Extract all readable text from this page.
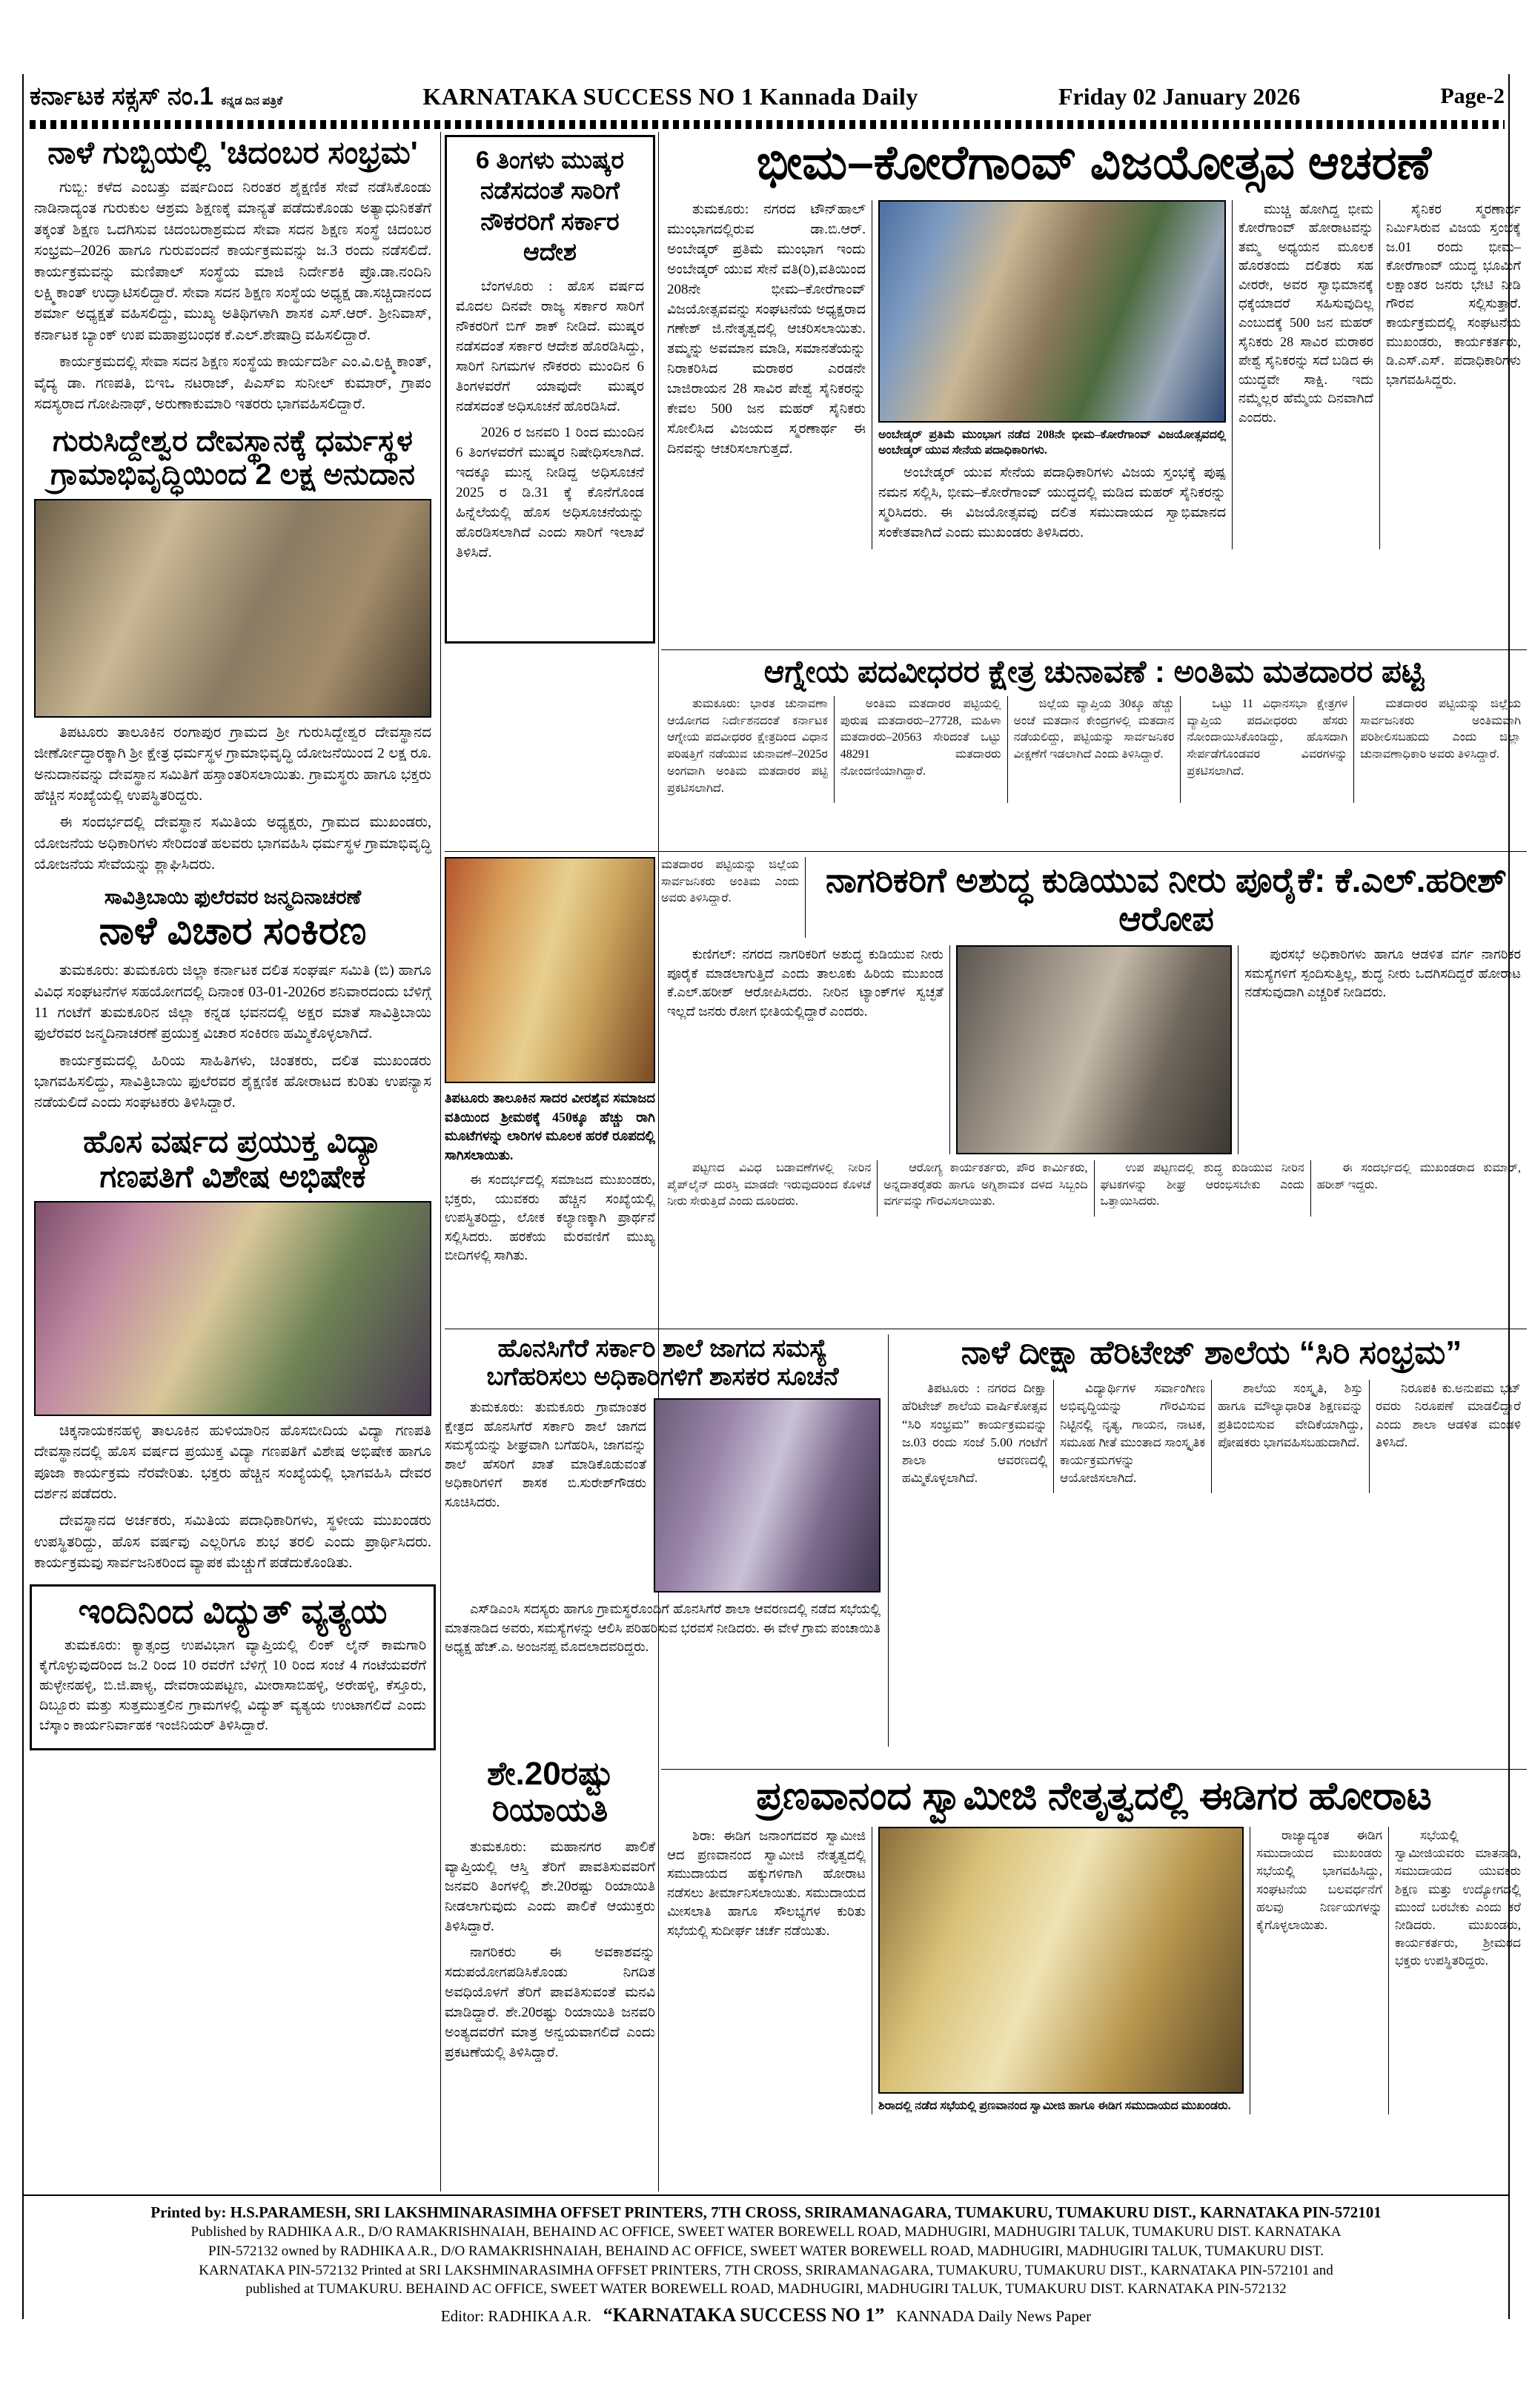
ಕರ್ನಾಟಕ ಸಕ್ಸಸ್ ನಂ.1 ಕನ್ನಡ ದಿನ ಪತ್ರಿಕೆ	KARNATAKA SUCCESS NO 1 Kannada Daily	Friday 02 January 2026	Page-2
ನಾಳೆ ಗುಬ್ಬಿಯಲ್ಲಿ 'ಚಿದಂಬರ ಸಂಭ್ರಮ'

ಗುಬ್ಬಿ: ಕಳೆದ ಎಂಬತ್ತು ವರ್ಷದಿಂದ ನಿರಂತರ ಶೈಕ್ಷಣಿಕ ಸೇವೆ ನಡೆಸಿಕೊಂಡು ನಾಡಿನಾದ್ಯಂತ ಗುರುಕುಲ ಆಶ್ರಮ ಶಿಕ್ಷಣಕ್ಕೆ ಮಾನ್ಯತೆ ಪಡೆದುಕೊಂಡು ಅತ್ಯಾಧುನಿಕತೆಗೆ ತಕ್ಕಂತೆ ಶಿಕ್ಷಣ ಒದಗಿಸುವ ಚಿದಂಬರಾಶ್ರಮದ ಸೇವಾ ಸದನ ಶಿಕ್ಷಣ ಸಂಸ್ಥೆ ಚಿದಂಬರ ಸಂಭ್ರಮ–2026 ಹಾಗೂ ಗುರುವಂದನೆ ಕಾರ್ಯಕ್ರಮವನ್ನು ಜ.3 ರಂದು ನಡೆಸಲಿದೆ. ಕಾರ್ಯಕ್ರಮವನ್ನು ಮಣಿಪಾಲ್ ಸಂಸ್ಥೆಯ ಮಾಜಿ ನಿರ್ದೇಶಕಿ ಪ್ರೊ.ಡಾ.ನಂದಿನಿ ಲಕ್ಷ್ಮಿಕಾಂತ್ ಉದ್ಘಾಟಿಸಲಿದ್ದಾರೆ. ಸೇವಾ ಸದನ ಶಿಕ್ಷಣ ಸಂಸ್ಥೆಯ ಅಧ್ಯಕ್ಷ ಡಾ.ಸಚ್ಚಿದಾನಂದ ಶರ್ಮಾ ಅಧ್ಯಕ್ಷತೆ ವಹಿಸಲಿದ್ದು, ಮುಖ್ಯ ಅತಿಥಿಗಳಾಗಿ ಶಾಸಕ ಎಸ್.ಆರ್. ಶ್ರೀನಿವಾಸ್, ಕರ್ನಾಟಕ ಬ್ಯಾಂಕ್ ಉಪ ಮಹಾಪ್ರಬಂಧಕ ಕೆ.ಎಲ್.ಶೇಷಾದ್ರಿ ವಹಿಸಲಿದ್ದಾರೆ.

ಕಾರ್ಯಕ್ರಮದಲ್ಲಿ ಸೇವಾ ಸದನ ಶಿಕ್ಷಣ ಸಂಸ್ಥೆಯ ಕಾರ್ಯದರ್ಶಿ ಎಂ.ವಿ.ಲಕ್ಷ್ಮಿಕಾಂತ್, ವೈದ್ಯ ಡಾ. ಗಣಪತಿ, ಬಿಇಒ ನಟರಾಜ್, ಪಿಎಸ್‌ಐ ಸುನೀಲ್ ಕುಮಾರ್, ಗ್ರಾಪಂ ಸದಸ್ಯರಾದ ಗೋಪಿನಾಥ್, ಅರುಣಾಕುಮಾರಿ ಇತರರು ಭಾಗವಹಿಸಲಿದ್ದಾರೆ.

ಗುರುಸಿದ್ದೇಶ್ವರ ದೇವಸ್ಥಾನಕ್ಕೆ ಧರ್ಮಸ್ಥಳ ಗ್ರಾಮಾಭಿವೃದ್ಧಿಯಿಂದ 2 ಲಕ್ಷ ಅನುದಾನ

ತಿಪಟೂರು ತಾಲೂಕಿನ ರಂಗಾಪುರ ಗ್ರಾಮದ ಶ್ರೀ ಗುರುಸಿದ್ದೇಶ್ವರ ದೇವಸ್ಥಾನದ ಜೀರ್ಣೋದ್ಧಾರಕ್ಕಾಗಿ ಶ್ರೀ ಕ್ಷೇತ್ರ ಧರ್ಮಸ್ಥಳ ಗ್ರಾಮಾಭಿವೃದ್ಧಿ ಯೋಜನೆಯಿಂದ 2 ಲಕ್ಷ ರೂ. ಅನುದಾನವನ್ನು ದೇವಸ್ಥಾನ ಸಮಿತಿಗೆ ಹಸ್ತಾಂತರಿಸಲಾಯಿತು. ಗ್ರಾಮಸ್ಥರು ಹಾಗೂ ಭಕ್ತರು ಹೆಚ್ಚಿನ ಸಂಖ್ಯೆಯಲ್ಲಿ ಉಪಸ್ಥಿತರಿದ್ದರು.

ಈ ಸಂದರ್ಭದಲ್ಲಿ ದೇವಸ್ಥಾನ ಸಮಿತಿಯ ಅಧ್ಯಕ್ಷರು, ಗ್ರಾಮದ ಮುಖಂಡರು, ಯೋಜನೆಯ ಅಧಿಕಾರಿಗಳು ಸೇರಿದಂತೆ ಹಲವರು ಭಾಗವಹಿಸಿ ಧರ್ಮಸ್ಥಳ ಗ್ರಾಮಾಭಿವೃದ್ಧಿ ಯೋಜನೆಯ ಸೇವೆಯನ್ನು ಶ್ಲಾಘಿಸಿದರು.

ಸಾವಿತ್ರಿಬಾಯಿ ಫುಲೆರವರ ಜನ್ಮದಿನಾಚರಣೆ
ನಾಳೆ ವಿಚಾರ ಸಂಕಿರಣ

ತುಮಕೂರು: ತುಮಕೂರು ಜಿಲ್ಲಾ ಕರ್ನಾಟಕ ದಲಿತ ಸಂಘರ್ಷ ಸಮಿತಿ (ಬಿ) ಹಾಗೂ ವಿವಿಧ ಸಂಘಟನೆಗಳ ಸಹಯೋಗದಲ್ಲಿ ದಿನಾಂಕ 03-01-2026ರ ಶನಿವಾರದಂದು ಬೆಳಿಗ್ಗೆ 11 ಗಂಟೆಗೆ ತುಮಕೂರಿನ ಜಿಲ್ಲಾ ಕನ್ನಡ ಭವನದಲ್ಲಿ ಅಕ್ಷರ ಮಾತೆ ಸಾವಿತ್ರಿಬಾಯಿ ಫುಲೆರವರ ಜನ್ಮದಿನಾಚರಣೆ ಪ್ರಯುಕ್ತ ವಿಚಾರ ಸಂಕಿರಣ ಹಮ್ಮಿಕೊಳ್ಳಲಾಗಿದೆ.

ಕಾರ್ಯಕ್ರಮದಲ್ಲಿ ಹಿರಿಯ ಸಾಹಿತಿಗಳು, ಚಿಂತಕರು, ದಲಿತ ಮುಖಂಡರು ಭಾಗವಹಿಸಲಿದ್ದು, ಸಾವಿತ್ರಿಬಾಯಿ ಫುಲೆರವರ ಶೈಕ್ಷಣಿಕ ಹೋರಾಟದ ಕುರಿತು ಉಪನ್ಯಾಸ ನಡೆಯಲಿದೆ ಎಂದು ಸಂಘಟಕರು ತಿಳಿಸಿದ್ದಾರೆ.

ಹೊಸ ವರ್ಷದ ಪ್ರಯುಕ್ತ ವಿದ್ಯಾ ಗಣಪತಿಗೆ ವಿಶೇಷ ಅಭಿಷೇಕ

ಚಿಕ್ಕನಾಯಕನಹಳ್ಳಿ ತಾಲೂಕಿನ ಹುಳಿಯಾರಿನ ಹೊಸಬೀದಿಯ ವಿದ್ಯಾ ಗಣಪತಿ ದೇವಸ್ಥಾನದಲ್ಲಿ ಹೊಸ ವರ್ಷದ ಪ್ರಯುಕ್ತ ವಿದ್ಯಾ ಗಣಪತಿಗೆ ವಿಶೇಷ ಅಭಿಷೇಕ ಹಾಗೂ ಪೂಜಾ ಕಾರ್ಯಕ್ರಮ ನೆರವೇರಿತು. ಭಕ್ತರು ಹೆಚ್ಚಿನ ಸಂಖ್ಯೆಯಲ್ಲಿ ಭಾಗವಹಿಸಿ ದೇವರ ದರ್ಶನ ಪಡೆದರು.

ದೇವಸ್ಥಾನದ ಅರ್ಚಕರು, ಸಮಿತಿಯ ಪದಾಧಿಕಾರಿಗಳು, ಸ್ಥಳೀಯ ಮುಖಂಡರು ಉಪಸ್ಥಿತರಿದ್ದು, ಹೊಸ ವರ್ಷವು ಎಲ್ಲರಿಗೂ ಶುಭ ತರಲಿ ಎಂದು ಪ್ರಾರ್ಥಿಸಿದರು. ಕಾರ್ಯಕ್ರಮವು ಸಾರ್ವಜನಿಕರಿಂದ ವ್ಯಾಪಕ ಮೆಚ್ಚುಗೆ ಪಡೆದುಕೊಂಡಿತು.

ಇಂದಿನಿಂದ ವಿದ್ಯುತ್ ವ್ಯತ್ಯಯ

ತುಮಕೂರು: ಕ್ಯಾತ್ಸಂದ್ರ ಉಪವಿಭಾಗ ವ್ಯಾಪ್ತಿಯಲ್ಲಿ ಲಿಂಕ್ ಲೈನ್ ಕಾಮಗಾರಿ ಕೈಗೊಳ್ಳುವುದರಿಂದ ಜ.2 ರಿಂದ 10 ರವರೆಗೆ ಬೆಳಿಗ್ಗೆ 10 ರಿಂದ ಸಂಜೆ 4 ಗಂಟೆಯವರೆಗೆ ಹುಳ್ಳೇನಹಳ್ಳಿ, ಬಿ.ಜಿ.ಪಾಳ್ಯ, ದೇವರಾಯಪಟ್ಟಣ, ಮೀರಾಸಾಬಿಹಳ್ಳಿ, ಅರೇಹಳ್ಳಿ, ಕೆಸ್ತೂರು, ದಿಬ್ಬೂರು ಮತ್ತು ಸುತ್ತಮುತ್ತಲಿನ ಗ್ರಾಮಗಳಲ್ಲಿ ವಿದ್ಯುತ್ ವ್ಯತ್ಯಯ ಉಂಟಾಗಲಿದೆ ಎಂದು ಬೆಸ್ಕಾಂ ಕಾರ್ಯನಿರ್ವಾಹಕ ಇಂಜಿನಿಯರ್ ತಿಳಿಸಿದ್ದಾರೆ.

6 ತಿಂಗಳು ಮುಷ್ಕರ ನಡೆಸದಂತೆ ಸಾರಿಗೆ ನೌಕರರಿಗೆ ಸರ್ಕಾರ ಆದೇಶ

ಬೆಂಗಳೂರು : ಹೊಸ ವರ್ಷದ ಮೊದಲ ದಿನವೇ ರಾಜ್ಯ ಸರ್ಕಾರ ಸಾರಿಗೆ ನೌಕರರಿಗೆ ಬಿಗ್ ಶಾಕ್ ನೀಡಿದೆ. ಮುಷ್ಕರ ನಡೆಸದಂತೆ ಸರ್ಕಾರ ಆದೇಶ ಹೊರಡಿಸಿದ್ದು, ಸಾರಿಗೆ ನಿಗಮಗಳ ನೌಕರರು ಮುಂದಿನ 6 ತಿಂಗಳವರೆಗೆ ಯಾವುದೇ ಮುಷ್ಕರ ನಡೆಸದಂತೆ ಅಧಿಸೂಚನೆ ಹೊರಡಿಸಿದೆ.

2026 ರ ಜನವರಿ 1 ರಿಂದ ಮುಂದಿನ 6 ತಿಂಗಳವರೆಗೆ ಮುಷ್ಕರ ನಿಷೇಧಿಸಲಾಗಿದೆ. ಇದಕ್ಕೂ ಮುನ್ನ ನೀಡಿದ್ದ ಅಧಿಸೂಚನೆ 2025 ರ ಡಿ.31 ಕ್ಕೆ ಕೊನೆಗೊಂಡ ಹಿನ್ನೆಲೆಯಲ್ಲಿ ಹೊಸ ಅಧಿಸೂಚನೆಯನ್ನು ಹೊರಡಿಸಲಾಗಿದೆ ಎಂದು ಸಾರಿಗೆ ಇಲಾಖೆ ತಿಳಿಸಿದೆ.

ಭೀಮ–ಕೋರೆಗಾಂವ್ ವಿಜಯೋತ್ಸವ ಆಚರಣೆ

ತುಮಕೂರು: ನಗರದ ಟೌನ್‌ಹಾಲ್ ಮುಂಭಾಗದಲ್ಲಿರುವ ಡಾ.ಬಿ.ಆರ್. ಅಂಬೇಡ್ಕರ್ ಪ್ರತಿಮೆ ಮುಂಭಾಗ ಇಂದು ಅಂಬೇಡ್ಕರ್ ಯುವ ಸೇನೆ ವತಿ(ರಿ),ವತಿಯಿಂದ 208ನೇ ಭೀಮ–ಕೋರೆಗಾಂವ್ ವಿಜಯೋತ್ಸವವನ್ನು ಸಂಘಟನೆಯ ಅಧ್ಯಕ್ಷರಾದ ಗಣೇಶ್ ಜಿ.ನೇತೃತ್ವದಲ್ಲಿ ಆಚರಿಸಲಾಯಿತು. ತಮ್ಮನ್ನು ಅವಮಾನ ಮಾಡಿ, ಸಮಾನತೆಯನ್ನು ನಿರಾಕರಿಸಿದ ಮರಾಠರ ಎರಡನೇ ಬಾಜಿರಾಯನ 28 ಸಾವಿರ ಪೇಶ್ವೆ ಸೈನಿಕರನ್ನು ಕೇವಲ 500 ಜನ ಮಹರ್ ಸೈನಿಕರು ಸೋಲಿಸಿದ ವಿಜಯದ ಸ್ಮರಣಾರ್ಥ ಈ ದಿನವನ್ನು ಆಚರಿಸಲಾಗುತ್ತದೆ.

ಅಂಬೇಡ್ಕರ್ ಪ್ರತಿಮೆ ಮುಂಭಾಗ ನಡೆದ 208ನೇ ಭೀಮ–ಕೋರೆಗಾಂವ್ ವಿಜಯೋತ್ಸವದಲ್ಲಿ ಅಂಬೇಡ್ಕರ್ ಯುವ ಸೇನೆಯ ಪದಾಧಿಕಾರಿಗಳು.

ಅಂಬೇಡ್ಕರ್ ಯುವ ಸೇನೆಯ ಪದಾಧಿಕಾರಿಗಳು ವಿಜಯ ಸ್ತಂಭಕ್ಕೆ ಪುಷ್ಪ ನಮನ ಸಲ್ಲಿಸಿ, ಭೀಮ–ಕೋರೆಗಾಂವ್ ಯುದ್ಧದಲ್ಲಿ ಮಡಿದ ಮಹರ್ ಸೈನಿಕರನ್ನು ಸ್ಮರಿಸಿದರು. ಈ ವಿಜಯೋತ್ಸವವು ದಲಿತ ಸಮುದಾಯದ ಸ್ವಾಭಿಮಾನದ ಸಂಕೇತವಾಗಿದೆ ಎಂದು ಮುಖಂಡರು ತಿಳಿಸಿದರು.

ಮುಚ್ಚಿ ಹೋಗಿದ್ದ ಭೀಮ ಕೋರೆಗಾಂವ್ ಹೋರಾಟವನ್ನು ತಮ್ಮ ಅಧ್ಯಯನ ಮೂಲಕ ಹೊರತಂದು ದಲಿತರು ಸಹ ವೀರರೇ, ಅವರ ಸ್ವಾಭಿಮಾನಕ್ಕೆ ಧಕ್ಕೆಯಾದರೆ ಸಹಿಸುವುದಿಲ್ಲ ಎಂಬುದಕ್ಕೆ 500 ಜನ ಮಹರ್ ಸೈನಿಕರು 28 ಸಾವಿರ ಮರಾಠರ ಪೇಶ್ವೆ ಸೈನಿಕರನ್ನು ಸದೆ ಬಡಿದ ಈ ಯುದ್ಧವೇ ಸಾಕ್ಷಿ. ಇದು ನಮ್ಮೆಲ್ಲರ ಹೆಮ್ಮೆಯ ದಿನವಾಗಿದೆ ಎಂದರು.

ಸೈನಿಕರ ಸ್ಮರಣಾರ್ಥ ನಿರ್ಮಿಸಿರುವ ವಿಜಯ ಸ್ತಂಭಕ್ಕೆ ಜ.01 ರಂದು ಭೀಮ–ಕೋರೆಗಾಂವ್ ಯುದ್ಧ ಭೂಮಿಗೆ ಲಕ್ಷಾಂತರ ಜನರು ಭೇಟಿ ನೀಡಿ ಗೌರವ ಸಲ್ಲಿಸುತ್ತಾರೆ. ಕಾರ್ಯಕ್ರಮದಲ್ಲಿ ಸಂಘಟನೆಯ ಮುಖಂಡರು, ಕಾರ್ಯಕರ್ತರು, ಡಿ.ಎಸ್.ಎಸ್. ಪದಾಧಿಕಾರಿಗಳು ಭಾಗವಹಿಸಿದ್ದರು.

ಆಗ್ನೇಯ ಪದವೀಧರರ ಕ್ಷೇತ್ರ ಚುನಾವಣೆ : ಅಂತಿಮ ಮತದಾರರ ಪಟ್ಟಿ

ತುಮಕೂರು: ಭಾರತ ಚುನಾವಣಾ ಆಯೋಗದ ನಿರ್ದೇಶನದಂತೆ ಕರ್ನಾಟಕ ಆಗ್ನೇಯ ಪದವೀಧರರ ಕ್ಷೇತ್ರದಿಂದ ವಿಧಾನ ಪರಿಷತ್ತಿಗೆ ನಡೆಯುವ ಚುನಾವಣೆ–2025ರ ಅಂಗವಾಗಿ ಅಂತಿಮ ಮತದಾರರ ಪಟ್ಟಿ ಪ್ರಕಟಿಸಲಾಗಿದೆ.

ಅಂತಿಮ ಮತದಾರರ ಪಟ್ಟಿಯಲ್ಲಿ ಪುರುಷ ಮತದಾರರು–27728, ಮಹಿಳಾ ಮತದಾರರು–20563 ಸೇರಿದಂತೆ ಒಟ್ಟು 48291 ಮತದಾರರು ನೋಂದಣಿಯಾಗಿದ್ದಾರೆ.

ಜಿಲ್ಲೆಯ ವ್ಯಾಪ್ತಿಯ 30ಕ್ಕೂ ಹೆಚ್ಚು ಅಂಚೆ ಮತದಾನ ಕೇಂದ್ರಗಳಲ್ಲಿ ಮತದಾನ ನಡೆಯಲಿದ್ದು, ಪಟ್ಟಿಯನ್ನು ಸಾರ್ವಜನಿಕರ ವೀಕ್ಷಣೆಗೆ ಇಡಲಾಗಿದೆ ಎಂದು ತಿಳಿಸಿದ್ದಾರೆ.

ಒಟ್ಟು 11 ವಿಧಾನಸಭಾ ಕ್ಷೇತ್ರಗಳ ವ್ಯಾಪ್ತಿಯ ಪದವೀಧರರು ಹೆಸರು ನೋಂದಾಯಿಸಿಕೊಂಡಿದ್ದು, ಹೊಸದಾಗಿ ಸೇರ್ಪಡೆಗೊಂಡವರ ವಿವರಗಳನ್ನು ಪ್ರಕಟಿಸಲಾಗಿದೆ.

ಮತದಾರರ ಪಟ್ಟಿಯನ್ನು ಜಿಲ್ಲೆಯ ಸಾರ್ವಜನಿಕರು ಅಂತಿಮವಾಗಿ ಪರಿಶೀಲಿಸಬಹುದು ಎಂದು ಜಿಲ್ಲಾ ಚುನಾವಣಾಧಿಕಾರಿ ಅವರು ತಿಳಿಸಿದ್ದಾರೆ.

ತಿಪಟೂರು ತಾಲೂಕಿನ ಸಾದರ ವೀರಶೈವ ಸಮಾಜದ ವತಿಯಿಂದ ಶ್ರೀಮಠಕ್ಕೆ 450ಕ್ಕೂ ಹೆಚ್ಚು ರಾಗಿ ಮೂಟೆಗಳನ್ನು ಲಾರಿಗಳ ಮೂಲಕ ಹರಕೆ ರೂಪದಲ್ಲಿ ಸಾಗಿಸಲಾಯಿತು.

ಈ ಸಂದರ್ಭದಲ್ಲಿ ಸಮಾಜದ ಮುಖಂಡರು, ಭಕ್ತರು, ಯುವಕರು ಹೆಚ್ಚಿನ ಸಂಖ್ಯೆಯಲ್ಲಿ ಉಪಸ್ಥಿತರಿದ್ದು, ಲೋಕ ಕಲ್ಯಾಣಕ್ಕಾಗಿ ಪ್ರಾರ್ಥನೆ ಸಲ್ಲಿಸಿದರು. ಹರಕೆಯ ಮೆರವಣಿಗೆ ಮುಖ್ಯ ಬೀದಿಗಳಲ್ಲಿ ಸಾಗಿತು.

ಮತದಾರರ ಪಟ್ಟಿಯನ್ನು ಜಿಲ್ಲೆಯ ಸಾರ್ವಜನಿಕರು ಅಂತಿಮ ಎಂದು ಅವರು ತಿಳಿಸಿದ್ದಾರೆ.	ನಾಗರಿಕರಿಗೆ ಅಶುದ್ಧ ಕುಡಿಯುವ ನೀರು ಪೂರೈಕೆ: ಕೆ.ಎಲ್.ಹರೀಶ್ ಆರೋಪ

ಕುಣಿಗಲ್: ನಗರದ ನಾಗರಿಕರಿಗೆ ಅಶುದ್ಧ ಕುಡಿಯುವ ನೀರು ಪೂರೈಕೆ ಮಾಡಲಾಗುತ್ತಿದೆ ಎಂದು ತಾಲೂಕು ಹಿರಿಯ ಮುಖಂಡ ಕೆ.ಎಲ್.ಹರೀಶ್ ಆರೋಪಿಸಿದರು. ನೀರಿನ ಟ್ಯಾಂಕ್‌ಗಳ ಸ್ವಚ್ಛತೆ ಇಲ್ಲದೆ ಜನರು ರೋಗ ಭೀತಿಯಲ್ಲಿದ್ದಾರೆ ಎಂದರು.

ಪುರಸಭೆ ಅಧಿಕಾರಿಗಳು ಹಾಗೂ ಆಡಳಿತ ವರ್ಗ ನಾಗರಿಕರ ಸಮಸ್ಯೆಗಳಿಗೆ ಸ್ಪಂದಿಸುತ್ತಿಲ್ಲ, ಶುದ್ಧ ನೀರು ಒದಗಿಸದಿದ್ದರೆ ಹೋರಾಟ ನಡೆಸುವುದಾಗಿ ಎಚ್ಚರಿಕೆ ನೀಡಿದರು.

ಪಟ್ಟಣದ ವಿವಿಧ ಬಡಾವಣೆಗಳಲ್ಲಿ ನೀರಿನ ಪೈಪ್‌ಲೈನ್ ದುರಸ್ತಿ ಮಾಡದೇ ಇರುವುದರಿಂದ ಕೊಳಚೆ ನೀರು ಸೇರುತ್ತಿದೆ ಎಂದು ದೂರಿದರು.

ಆರೋಗ್ಯ ಕಾರ್ಯಕರ್ತರು, ಪೌರ ಕಾರ್ಮಿಕರು, ಅನ್ನದಾತರೈತರು ಹಾಗೂ ಅಗ್ನಿಶಾಮಕ ದಳದ ಸಿಬ್ಬಂದಿ ವರ್ಗವನ್ನು ಗೌರವಿಸಲಾಯಿತು.

ಉಪ ಪಟ್ಟಣದಲ್ಲಿ ಶುದ್ಧ ಕುಡಿಯುವ ನೀರಿನ ಘಟಕಗಳನ್ನು ಶೀಘ್ರ ಆರಂಭಿಸಬೇಕು ಎಂದು ಒತ್ತಾಯಿಸಿದರು.

ಈ ಸಂದರ್ಭದಲ್ಲಿ ಮುಖಂಡರಾದ ಕುಮಾರ್, ಹರೀಶ್ ಇದ್ದರು.

ಹೊನಸಿಗೆರೆ ಸರ್ಕಾರಿ ಶಾಲೆ ಜಾಗದ ಸಮಸ್ಯೆ ಬಗೆಹರಿಸಲು ಅಧಿಕಾರಿಗಳಿಗೆ ಶಾಸಕರ ಸೂಚನೆ

ತುಮಕೂರು: ತುಮಕೂರು ಗ್ರಾಮಾಂತರ ಕ್ಷೇತ್ರದ ಹೊನಸಿಗೆರೆ ಸರ್ಕಾರಿ ಶಾಲೆ ಜಾಗದ ಸಮಸ್ಯೆಯನ್ನು ಶೀಘ್ರವಾಗಿ ಬಗೆಹರಿಸಿ, ಜಾಗವನ್ನು ಶಾಲೆ ಹೆಸರಿಗೆ ಖಾತೆ ಮಾಡಿಕೊಡುವಂತೆ ಅಧಿಕಾರಿಗಳಿಗೆ ಶಾಸಕ ಬಿ.ಸುರೇಶ್‌ಗೌಡರು ಸೂಚಿಸಿದರು.

ಎಸ್‌ಡಿಎಂಸಿ ಸದಸ್ಯರು ಹಾಗೂ ಗ್ರಾಮಸ್ಥರೊಂದಿಗೆ ಹೊನಸಿಗೆರೆ ಶಾಲಾ ಆವರಣದಲ್ಲಿ ನಡೆದ ಸಭೆಯಲ್ಲಿ ಮಾತನಾಡಿದ ಅವರು, ಸಮಸ್ಯೆಗಳನ್ನು ಆಲಿಸಿ ಪರಿಹರಿಸುವ ಭರವಸೆ ನೀಡಿದರು. ಈ ವೇಳೆ ಗ್ರಾಮ ಪಂಚಾಯಿತಿ ಅಧ್ಯಕ್ಷ ಹೆಚ್.ಎ. ಅಂಜನಪ್ಪ ಮೊದಲಾದವರಿದ್ದರು.

ನಾಳೆ ದೀಕ್ಷಾ ಹೆರಿಟೇಜ್ ಶಾಲೆಯ “ಸಿರಿ ಸಂಭ್ರಮ”

ತಿಪಟೂರು : ನಗರದ ದೀಕ್ಷಾ ಹೆರಿಟೇಜ್ ಶಾಲೆಯ ವಾರ್ಷಿಕೋತ್ಸವ “ಸಿರಿ ಸಂಭ್ರಮ” ಕಾರ್ಯಕ್ರಮವನ್ನು ಜ.03 ರಂದು ಸಂಜೆ 5.00 ಗಂಟೆಗೆ ಶಾಲಾ ಆವರಣದಲ್ಲಿ ಹಮ್ಮಿಕೊಳ್ಳಲಾಗಿದೆ.

ವಿದ್ಯಾರ್ಥಿಗಳ ಸರ್ವಾಂಗೀಣ ಅಭಿವೃದ್ಧಿಯನ್ನು ಗೌರವಿಸುವ ನಿಟ್ಟಿನಲ್ಲಿ ನೃತ್ಯ, ಗಾಯನ, ನಾಟಕ, ಸಮೂಹ ಗೀತೆ ಮುಂತಾದ ಸಾಂಸ್ಕೃತಿಕ ಕಾರ್ಯಕ್ರಮಗಳನ್ನು ಆಯೋಜಿಸಲಾಗಿದೆ.

ಶಾಲೆಯ ಸಂಸ್ಕೃತಿ, ಶಿಸ್ತು ಹಾಗೂ ಮೌಲ್ಯಾಧಾರಿತ ಶಿಕ್ಷಣವನ್ನು ಪ್ರತಿಬಿಂಬಿಸುವ ವೇದಿಕೆಯಾಗಿದ್ದು, ಪೋಷಕರು ಭಾಗವಹಿಸಬಹುದಾಗಿದೆ.

ನಿರೂಪಕಿ ಕು.ಅನುಪಮ ಭಟ್ ರವರು ನಿರೂಪಣೆ ಮಾಡಲಿದ್ದಾರೆ ಎಂದು ಶಾಲಾ ಆಡಳಿತ ಮಂಡಳಿ ತಿಳಿಸಿದೆ.

ಶೇ.20ರಷ್ಟು ರಿಯಾಯತಿ

ತುಮಕೂರು: ಮಹಾನಗರ ಪಾಲಿಕೆ ವ್ಯಾಪ್ತಿಯಲ್ಲಿ ಆಸ್ತಿ ತೆರಿಗೆ ಪಾವತಿಸುವವರಿಗೆ ಜನವರಿ ತಿಂಗಳಲ್ಲಿ ಶೇ.20ರಷ್ಟು ರಿಯಾಯಿತಿ ನೀಡಲಾಗುವುದು ಎಂದು ಪಾಲಿಕೆ ಆಯುಕ್ತರು ತಿಳಿಸಿದ್ದಾರೆ.

ನಾಗರಿಕರು ಈ ಅವಕಾಶವನ್ನು ಸದುಪಯೋಗಪಡಿಸಿಕೊಂಡು ನಿಗದಿತ ಅವಧಿಯೊಳಗೆ ತೆರಿಗೆ ಪಾವತಿಸುವಂತೆ ಮನವಿ ಮಾಡಿದ್ದಾರೆ. ಶೇ.20ರಷ್ಟು ರಿಯಾಯಿತಿ ಜನವರಿ ಅಂತ್ಯದವರೆಗೆ ಮಾತ್ರ ಅನ್ವಯವಾಗಲಿದೆ ಎಂದು ಪ್ರಕಟಣೆಯಲ್ಲಿ ತಿಳಿಸಿದ್ದಾರೆ.

ಪ್ರಣವಾನಂದ ಸ್ವಾಮೀಜಿ ನೇತೃತ್ವದಲ್ಲಿ ಈಡಿಗರ ಹೋರಾಟ

ಶಿರಾ: ಈಡಿಗ ಜನಾಂಗದವರ ಸ್ವಾಮೀಜಿ ಆದ ಪ್ರಣವಾನಂದ ಸ್ವಾಮೀಜಿ ನೇತೃತ್ವದಲ್ಲಿ ಸಮುದಾಯದ ಹಕ್ಕುಗಳಿಗಾಗಿ ಹೋರಾಟ ನಡೆಸಲು ತೀರ್ಮಾನಿಸಲಾಯಿತು. ಸಮುದಾಯದ ಮೀಸಲಾತಿ ಹಾಗೂ ಸೌಲಭ್ಯಗಳ ಕುರಿತು ಸಭೆಯಲ್ಲಿ ಸುದೀರ್ಘ ಚರ್ಚೆ ನಡೆಯಿತು.

ಶಿರಾದಲ್ಲಿ ನಡೆದ ಸಭೆಯಲ್ಲಿ ಪ್ರಣವಾನಂದ ಸ್ವಾಮೀಜಿ ಹಾಗೂ ಈಡಿಗ ಸಮುದಾಯದ ಮುಖಂಡರು.

ರಾಜ್ಯಾದ್ಯಂತ ಈಡಿಗ ಸಮುದಾಯದ ಮುಖಂಡರು ಸಭೆಯಲ್ಲಿ ಭಾಗವಹಿಸಿದ್ದು, ಸಂಘಟನೆಯ ಬಲವರ್ಧನೆಗೆ ಹಲವು ನಿರ್ಣಯಗಳನ್ನು ಕೈಗೊಳ್ಳಲಾಯಿತು.

ಸಭೆಯಲ್ಲಿ ಸ್ವಾಮೀಜಿಯವರು ಮಾತನಾಡಿ, ಸಮುದಾಯದ ಯುವಕರು ಶಿಕ್ಷಣ ಮತ್ತು ಉದ್ಯೋಗದಲ್ಲಿ ಮುಂದೆ ಬರಬೇಕು ಎಂದು ಕರೆ ನೀಡಿದರು. ಮುಖಂಡರು, ಕಾರ್ಯಕರ್ತರು, ಶ್ರೀಮಠದ ಭಕ್ತರು ಉಪಸ್ಥಿತರಿದ್ದರು.

Printed by: H.S.PARAMESH, SRI LAKSHMINARASIMHA OFFSET PRINTERS, 7TH CROSS, SRIRAMANAGARA, TUMAKURU, TUMAKURU DIST., KARNATAKA PIN-572101
Published by RADHIKA A.R., D/O RAMAKRISHNAIAH, BEHAIND AC OFFICE, SWEET WATER BOREWELL ROAD, MADHUGIRI, MADHUGIRI TALUK, TUMAKURU DIST. KARNATAKA
PIN-572132 owned by RADHIKA A.R., D/O RAMAKRISHNAIAH, BEHAIND AC OFFICE, SWEET WATER BOREWELL ROAD, MADHUGIRI, MADHUGIRI TALUK, TUMAKURU DIST.
KARNATAKA PIN-572132 Printed at SRI LAKSHMINARASIMHA OFFSET PRINTERS, 7TH CROSS, SRIRAMANAGARA, TUMAKURU, TUMAKURU DIST., KARNATAKA PIN-572101 and
published at TUMAKURU. BEHAIND AC OFFICE, SWEET WATER BOREWELL ROAD, MADHUGIRI, MADHUGIRI TALUK, TUMAKURU DIST. KARNATAKA PIN-572132
Editor: RADHIKA A.R. “KARNATAKA SUCCESS NO 1” KANNADA Daily News Paper
